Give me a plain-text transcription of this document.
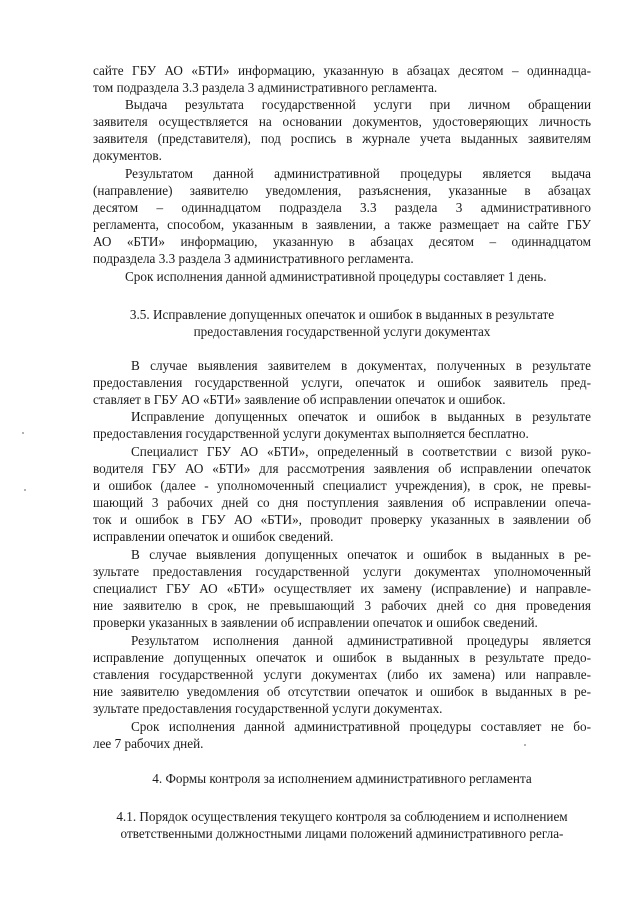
сайте ГБУ АО «БТИ» информацию, указанную в абзацах десятом – одиннадца-
том подраздела 3.3 раздела 3 административного регламента.
Выдача результата государственной услуги при личном обращении
заявителя осуществляется на основании документов, удостоверяющих личность
заявителя (представителя), под роспись в журнале учета выданных заявителям
документов.
Результатом данной административной процедуры является выдача
(направление) заявителю уведомления, разъяснения, указанные в абзацах
десятом – одиннадцатом подраздела 3.3 раздела 3 административного
регламента, способом, указанным в заявлении, а также размещает на сайте ГБУ
АО «БТИ» информацию, указанную в абзацах десятом – одиннадцатом
подраздела 3.3 раздела 3 административного регламента.
Срок исполнения данной административной процедуры составляет 1 день.
3.5. Исправление допущенных опечаток и ошибок в выданных в результате
предоставления государственной услуги документах
В случае выявления заявителем в документах, полученных в результате
предоставления государственной услуги, опечаток и ошибок заявитель пред-
ставляет в ГБУ АО «БТИ» заявление об исправлении опечаток и ошибок.
Исправление допущенных опечаток и ошибок в выданных в результате
предоставления государственной услуги документах выполняется бесплатно.
Специалист ГБУ АО «БТИ», определенный в соответствии с визой руко-
водителя ГБУ АО «БТИ» для рассмотрения заявления об исправлении опечаток
и ошибок (далее - уполномоченный специалист учреждения), в срок, не превы-
шающий 3 рабочих дней со дня поступления заявления об исправлении опеча-
ток и ошибок в ГБУ АО «БТИ», проводит проверку указанных в заявлении об
исправлении опечаток и ошибок сведений.
В случае выявления допущенных опечаток и ошибок в выданных в ре-
зультате предоставления государственной услуги документах уполномоченный
специалист ГБУ АО «БТИ» осуществляет их замену (исправление) и направле-
ние заявителю в срок, не превышающий 3 рабочих дней со дня проведения
проверки указанных в заявлении об исправлении опечаток и ошибок сведений.
Результатом исполнения данной административной процедуры является
исправление допущенных опечаток и ошибок в выданных в результате предо-
ставления государственной услуги документах (либо их замена) или направле-
ние заявителю уведомления об отсутствии опечаток и ошибок в выданных в ре-
зультате предоставления государственной услуги документах.
Срок исполнения данной административной процедуры составляет не бо-
лее 7 рабочих дней.
4. Формы контроля за исполнением административного регламента
4.1. Порядок осуществления текущего контроля за соблюдением и исполнением
ответственными должностными лицами положений административного регла-
